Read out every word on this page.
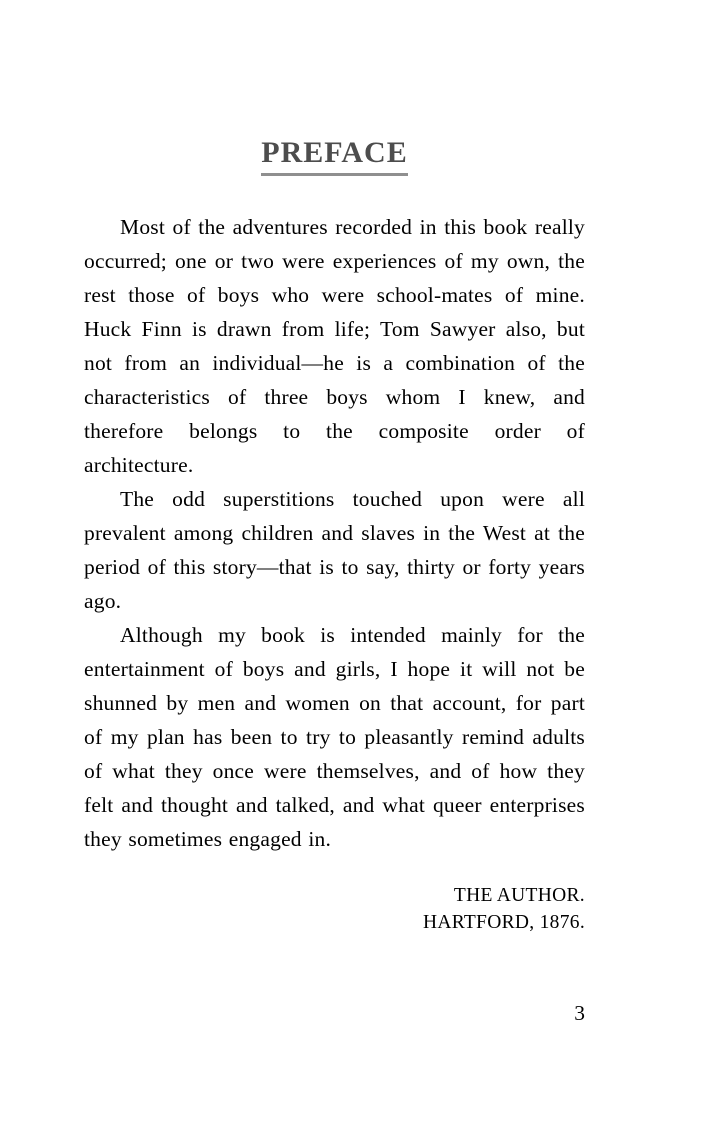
PREFACE

Most of the adventures recorded in this book really occurred; one or two were experiences of my own, the rest those of boys who were school-mates of mine. Huck Finn is drawn from life; Tom Sawyer also, but not from an individual—he is a combination of the characteristics of three boys whom I knew, and therefore belongs to the composite order of architecture.

The odd superstitions touched upon were all prevalent among children and slaves in the West at the period of this story—that is to say, thirty or forty years ago.

Although my book is intended mainly for the entertainment of boys and girls, I hope it will not be shunned by men and women on that account, for part of my plan has been to try to pleasantly remind adults of what they once were themselves, and of how they felt and thought and talked, and what queer enterprises they sometimes engaged in.

THE AUTHOR.
HARTFORD, 1876.
3
